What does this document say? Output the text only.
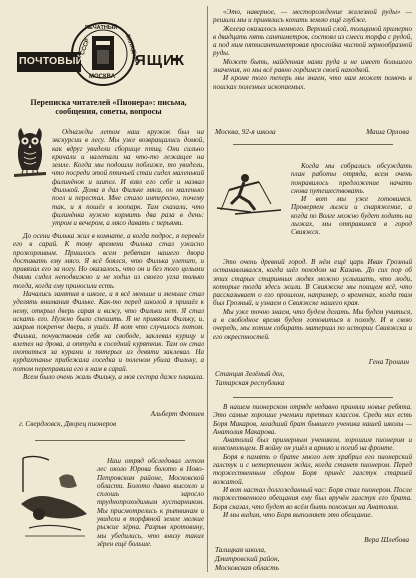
ПОЧТОВЫЙ	ЯЩИК
ПЕЧАТНЫЙ
СССР	ВКЛАДЫШ
МОСКВА
Переписка читателей «Пионера»: письма, сообщения, советы, вопросы

Однажды летом наш кружок был на экскурсии в лесу. Мы уже возвращались домой, как вдруг увидели сборище птиц. Они сильно кричали и налетали на что-то лежащее на земле. Когда мы подошли поближе, то увидели, что посреди этой птичьей стаи сидел маленький филинёнок и шипел. И взял его себе и назвал Филькой. Дома я дал Фильке мяса, он маленько поел и перестал. Мне стало интересно, почему так, и я пошёл в зоопарк. Там сказали, что филинёнка нужно кормить два раза в день: утром и вечером, а мясо давать с перьями.

До осени Филька жил в комнате, а когда подрос, я перевёл его в сарай. К тому времени Филька стал ужасно прожорливым. Пришлось всем ребятам нашего двора доставать ему мясо. Я всё боялся, что Филька улетит, и привязал его за ногу. Но оказалось, что он и без того целыми днями сидел неподвижно и не ходил из своего угла только тогда, когда ему приносили есть.

Начались занятия в школе, и я всё меньше и меньше стал уделять внимания Фильке. Как-то перед школой я пришёл к нему, открыл дверь сарая и вижу, что Фильки нет. Я стал искать его. Нужно было спешить. Я не привязал Фильку, и, закрыв покрепче дверь, я ушёл. И вот что случилось потом. Филька, почувствовав себя на свободе, заклевал курицу и влетел на дрова, а оттуда в соседний курятник. Там он стал охотиться за курами и пятерых из девяти заклевал. На курдахтанье прибежала соседка и поленом убила Фильку, а потом переправила его к нам в сарай.

Всем было очень жаль Фильку, а моя сестра даже плакала.

Альберт Фотиев
г. Свердловск, Дворец пионеров

Наш отряд обследовал летом лес около Юрова болото в Ново-Петровском районе, Московской области. Болото давно высохло и сплошь заросло труднопроходимым кустарником. Мы присмотрелись к рытвинам и увидели в торфяной земле мелкие рыжие зёрна. Разрыв кротовину, мы убедились, что внизу таких зёрен ещё больше.

«Это, наверное, — месторождение железной руды» — решили мы и принялись копать землю ещё глубже.

Железа оказалось немного. Верхний слой, толщиной примерно в двадцать пять сантиметров, состоял из смеси торфа с рудой, а под ним пятисантиметровая прослойка чистой зернообразной руды.

Может быть, найденная нами руда и не имеет большого значения, но мы всё равно гордимся своей находкой.

И кроме того теперь мы знаем, что нам может помочь в поисках полезных ископаемых.

Москва, 92-я школа	Маша Орлова

Когда мы собрались обсуждать план работы отряда, всем очень понравилось предложение начать снова путешествовать.

И вот мы уже готовимся. Проверяем лыжи и снаряжение, а когда по Волге можно будет ходить на лыжах, мы отправимся в город Свияжск.

Это очень древний город. В нём ещё царь Иван Грозный останавливался, когда шёл походом на Казань. До сих пор об этих старых старинных людях можно услышать, что люди, которые тогда здесь жили. В Свияжске мы поищем всё, что рассказывает о его прошлом, например, о временах, когда там был Грозный, и узнаем о Свияжске нашего края.

Мы уже точно знаем, что будем делать. Мы будем учиться, а в свободное время будем готовиться к походу. И в свою очередь, мы хотим собирать материал по истории Свияжска и его окрестностей.

Гена Трошин
Станция Зелёный дол,
Татарская республика

В нашем пионерском отряде недавно приняли новые ребята. Это самые хорошие ученики третьих классов. Среди них есть Боря Макаров, младший брат бывшего ученика нашей школы — Анатолия Макарова.

Анатолий был примерным учеником, хорошим пионером и комсомольцем. В войну он ушёл в армию и погиб на фронте.

Боря в память о брате много лет храбрил его пионерский галстук и с нетерпением ждал, когда станет пионером. Перед торжественным сбором Боря принёс галстук старшей вожатой.

И вот настал долгожданный час: Боря стал пионером. После торжественного обещания ему был вручён галстук его брата. Боря сказал, что будет во всём быть похожим на Анатолия.

И мы видим, что Боря выполняет это обещание.

Вера Шлебова
Талицкая школа,
Дмитровский район,
Московская область
